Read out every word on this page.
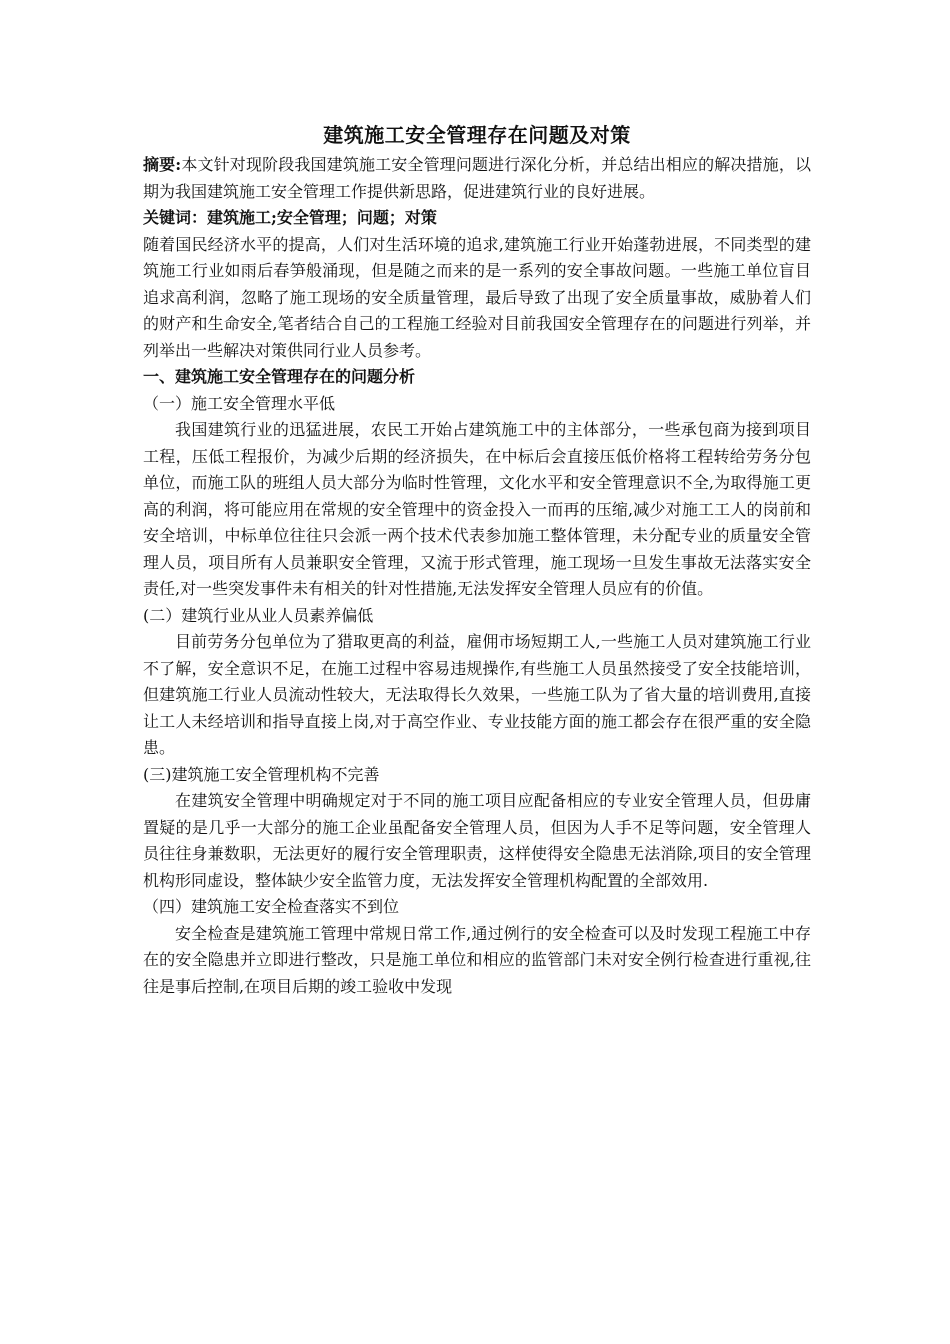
建筑施工安全管理存在问题及对策

摘要:本文针对现阶段我国建筑施工安全管理问题进行深化分析，并总结出相应的解决措施，以期为我国建筑施工安全管理工作提供新思路，促进建筑行业的良好进展。

关键词：建筑施工;安全管理；问题；对策

随着国民经济水平的提高，人们对生活环境的追求,建筑施工行业开始蓬勃进展，不同类型的建筑施工行业如雨后春笋般涌现，但是随之而来的是一系列的安全事故问题。一些施工单位盲目追求高利润，忽略了施工现场的安全质量管理，最后导致了出现了安全质量事故，威胁着人们的财产和生命安全,笔者结合自己的工程施工经验对目前我国安全管理存在的问题进行列举，并列举出一些解决对策供同行业人员参考。

一、建筑施工安全管理存在的问题分析

（一）施工安全管理水平低

我国建筑行业的迅猛进展，农民工开始占建筑施工中的主体部分，一些承包商为接到项目工程，压低工程报价，为减少后期的经济损失，在中标后会直接压低价格将工程转给劳务分包单位，而施工队的班组人员大部分为临时性管理，文化水平和安全管理意识不全,为取得施工更高的利润，将可能应用在常规的安全管理中的资金投入一而再的压缩,减少对施工工人的岗前和安全培训，中标单位往往只会派一两个技术代表参加施工整体管理，未分配专业的质量安全管理人员，项目所有人员兼职安全管理，又流于形式管理，施工现场一旦发生事故无法落实安全责任,对一些突发事件未有相关的针对性措施,无法发挥安全管理人员应有的价值。

(二）建筑行业从业人员素养偏低

目前劳务分包单位为了猎取更高的利益，雇佣市场短期工人,一些施工人员对建筑施工行业不了解，安全意识不足，在施工过程中容易违规操作,有些施工人员虽然接受了安全技能培训，但建筑施工行业人员流动性较大，无法取得长久效果，一些施工队为了省大量的培训费用,直接让工人未经培训和指导直接上岗,对于高空作业、专业技能方面的施工都会存在很严重的安全隐患。

(三)建筑施工安全管理机构不完善

在建筑安全管理中明确规定对于不同的施工项目应配备相应的专业安全管理人员，但毋庸置疑的是几乎一大部分的施工企业虽配备安全管理人员，但因为人手不足等问题，安全管理人员往往身兼数职，无法更好的履行安全管理职责，这样使得安全隐患无法消除,项目的安全管理机构形同虚设，整体缺少安全监管力度，无法发挥安全管理机构配置的全部效用.

（四）建筑施工安全检查落实不到位

安全检查是建筑施工管理中常规日常工作,通过例行的安全检查可以及时发现工程施工中存在的安全隐患并立即进行整改，只是施工单位和相应的监管部门未对安全例行检查进行重视,往往是事后控制,在项目后期的竣工验收中发现
